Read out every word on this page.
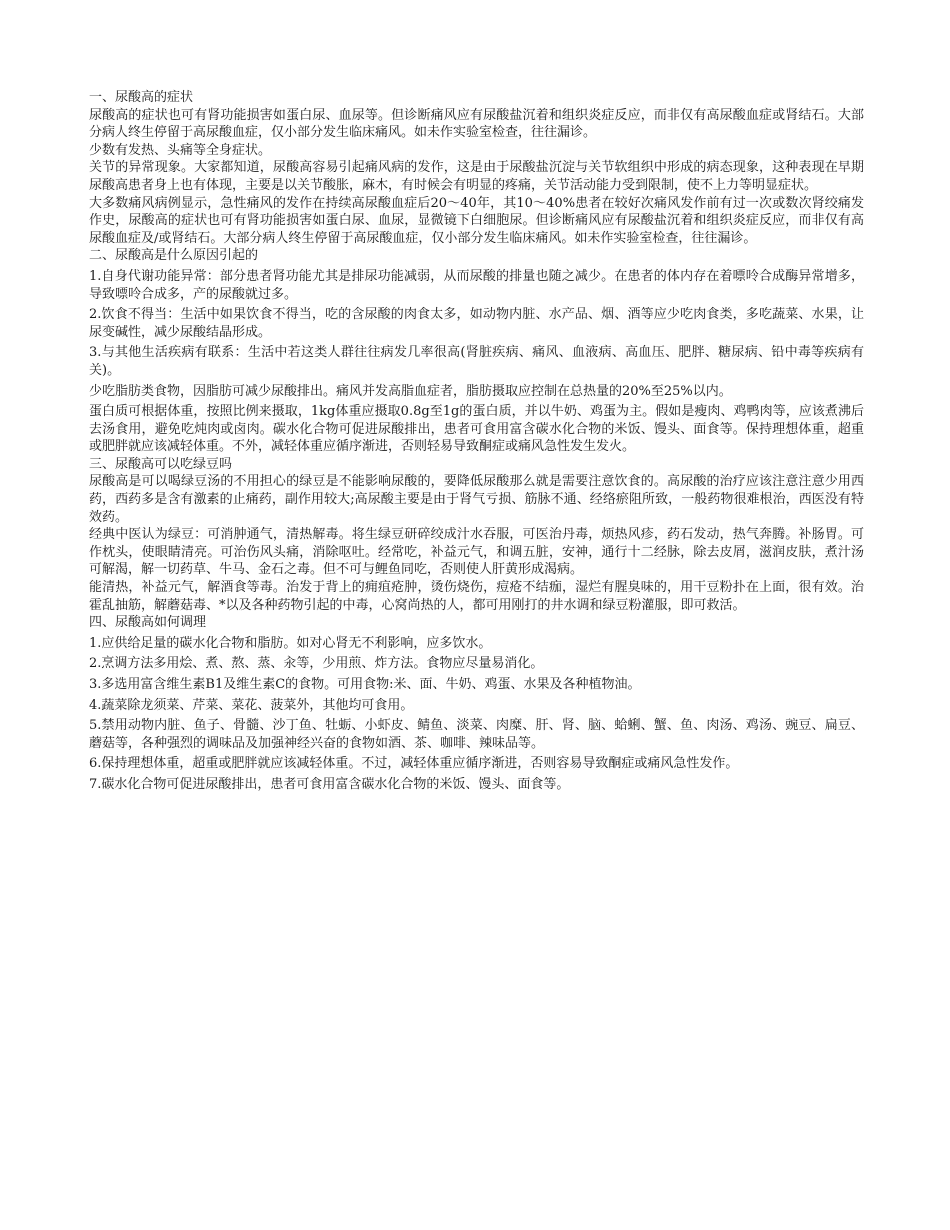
一、尿酸高的症状

尿酸高的症状也可有肾功能损害如蛋白尿、血尿等。但诊断痛风应有尿酸盐沉着和组织炎症反应，而非仅有高尿酸血症或肾结石。大部分病人终生停留于高尿酸血症，仅小部分发生临床痛风。如未作实验室检查，往往漏诊。

少数有发热、头痛等全身症状。

关节的异常现象。大家都知道，尿酸高容易引起痛风病的发作，这是由于尿酸盐沉淀与关节软组织中形成的病态现象，这种表现在早期尿酸高患者身上也有体现，主要是以关节酸胀，麻木，有时候会有明显的疼痛，关节活动能力受到限制，使不上力等明显症状。

大多数痛风病例显示，急性痛风的发作在持续高尿酸血症后20～40年，其10～40%患者在较好次痛风发作前有过一次或数次肾绞痛发作史，尿酸高的症状也可有肾功能损害如蛋白尿、血尿，显微镜下白细胞尿。但诊断痛风应有尿酸盐沉着和组织炎症反应，而非仅有高尿酸血症及/或肾结石。大部分病人终生停留于高尿酸血症，仅小部分发生临床痛风。如未作实验室检查，往往漏诊。

二、尿酸高是什么原因引起的

1.自身代谢功能异常：部分患者肾功能尤其是排尿功能减弱，从而尿酸的排量也随之减少。在患者的体内存在着嘌呤合成酶异常增多，导致嘌呤合成多，产的尿酸就过多。

2.饮食不得当：生活中如果饮食不得当，吃的含尿酸的肉食太多，如动物内脏、水产品、烟、酒等应少吃肉食类，多吃蔬菜、水果，让尿变碱性，减少尿酸结晶形成。

3.与其他生活疾病有联系：生活中若这类人群往往病发几率很高(肾脏疾病、痛风、血液病、高血压、肥胖、糖尿病、铅中毒等疾病有关)。

少吃脂肪类食物，因脂肪可减少尿酸排出。痛风并发高脂血症者，脂肪摄取应控制在总热量的20%至25%以内。

蛋白质可根据体重，按照比例来摄取，1kg体重应摄取0.8g至1g的蛋白质，并以牛奶、鸡蛋为主。假如是瘦肉、鸡鸭肉等，应该煮沸后去汤食用，避免吃炖肉或卤肉。碳水化合物可促进尿酸排出，患者可食用富含碳水化合物的米饭、馒头、面食等。保持理想体重，超重或肥胖就应该减轻体重。不外，减轻体重应循序渐进，否则轻易导致酮症或痛风急性发生发火。

三、尿酸高可以吃绿豆吗

尿酸高是可以喝绿豆汤的不用担心的绿豆是不能影响尿酸的，要降低尿酸那么就是需要注意饮食的。高尿酸的治疗应该注意注意少用西药，西药多是含有激素的止痛药，副作用较大;高尿酸主要是由于肾气亏损、筋脉不通、经络瘀阻所致，一般药物很难根治，西医没有特效药。

经典中医认为绿豆：可消肿通气，清热解毒。将生绿豆研碎绞成汁水吞服，可医治丹毒，烦热风疹，药石发动，热气奔腾。补肠胃。可作枕头，使眼睛清亮。可治伤风头痛，消除呕吐。经常吃，补益元气，和调五脏，安神，通行十二经脉，除去皮屑，滋润皮肤，煮汁汤可解渴，解一切药草、牛马、金石之毒。但不可与鲤鱼同吃，否则使人肝黄形成渴病。

能清热，补益元气，解酒食等毒。治发于背上的痈疽疮肿，烫伤烧伤，痘疮不结痂，湿烂有腥臭味的，用干豆粉扑在上面，很有效。治霍乱抽筋，解蘑菇毒、*以及各种药物引起的中毒，心窝尚热的人，都可用刚打的井水调和绿豆粉灌服，即可救活。

四、尿酸高如何调理

1.应供给足量的碳水化合物和脂肪。如对心肾无不利影响，应多饮水。

2.烹调方法多用烩、煮、熬、蒸、汆等，少用煎、炸方法。食物应尽量易消化。

3.多选用富含维生素B1及维生素C的食物。可用食物:米、面、牛奶、鸡蛋、水果及各种植物油。

4.蔬菜除龙须菜、芹菜、菜花、菠菜外，其他均可食用。

5.禁用动物内脏、鱼子、骨髓、沙丁鱼、牡蛎、小虾皮、鲭鱼、淡菜、肉糜、肝、肾、脑、蛤蜊、蟹、鱼、肉汤、鸡汤、豌豆、扁豆、蘑菇等，各种强烈的调味品及加强神经兴奋的食物如酒、茶、咖啡、辣味品等。

6.保持理想体重，超重或肥胖就应该减轻体重。不过，减轻体重应循序渐进，否则容易导致酮症或痛风急性发作。

7.碳水化合物可促进尿酸排出，患者可食用富含碳水化合物的米饭、馒头、面食等。
